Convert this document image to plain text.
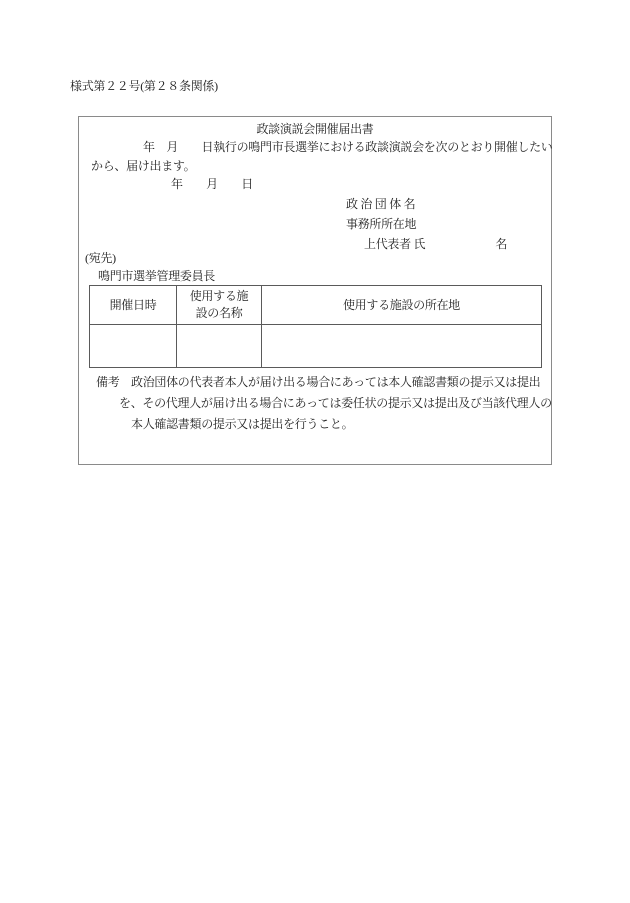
様式第２２号(第２８条関係)
政談演説会開催届出書
年　月　　日執行の鳴門市長選挙における政談演説会を次のとおり開催したい
から、届け出ます。
年　　月　　日
政 治 団 体 名
事務所所在地
上代表者 氏　　　　　　名
(宛先)
鳴門市選挙管理委員長
開催日時	使用する施設の名称	使用する施設の所在地

備考 政治団体の代表者本人が届け出る場合にあっては本人確認書類の提示又は提出
を、その代理人が届け出る場合にあっては委任状の提示又は提出及び当該代理人の
本人確認書類の提示又は提出を行うこと。
